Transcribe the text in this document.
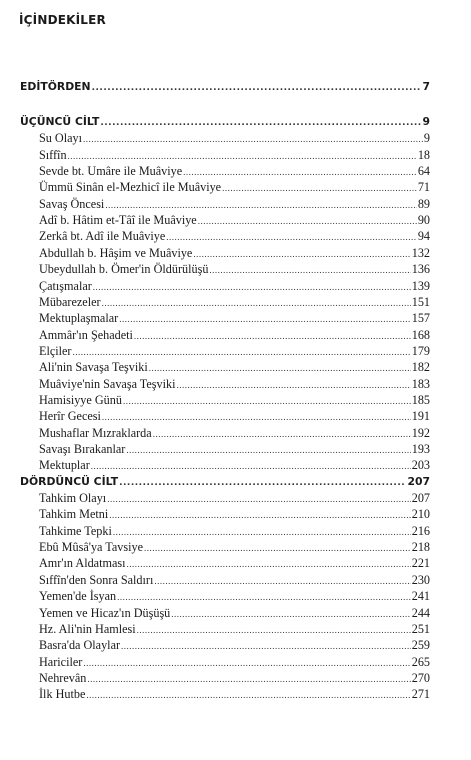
İÇİNDEKİLER
EDİTÖRDEN .....	7
ÜÇÜNCÜ CİLT .....	9
Su Olayı .....	9
Sıffîn .....	18
Sevde bt. Umâre ile Muâviye .....	64
Ümmü Sinân el-Mezhicî ile Muâviye .....	71
Savaş Öncesi .....	89
Adî b. Hâtim et-Tâî ile Muâviye .....	90
Zerkâ bt. Adî ile Muâviye .....	94
Abdullah b. Hâşim ve Muâviye .....	132
Ubeydullah b. Ömer'in Öldürülüşü .....	136
Çatışmalar .....	139
Mübarezeler .....	151
Mektuplaşmalar .....	157
Ammâr'ın Şehadeti .....	168
Elçiler .....	179
Ali'nin Savaşa Teşviki .....	182
Muâviye'nin Savaşa Teşviki .....	183
Hamisiyye Günü .....	185
Herîr Gecesi .....	191
Mushaflar Mızraklarda .....	192
Savaşı Bırakanlar .....	193
Mektuplar .....	203
DÖRDÜNCÜ CİLT .....	207
Tahkim Olayı .....	207
Tahkim Metni .....	210
Tahkime Tepki .....	216
Ebû Mûsâ'ya Tavsiye .....	218
Amr'ın Aldatması .....	221
Sıffîn'den Sonra Saldırı .....	230
Yemen'de İsyan .....	241
Yemen ve Hicaz'ın Düşüşü .....	244
Hz. Ali'nin Hamlesi .....	251
Basra'da Olaylar .....	259
Hariciler .....	265
Nehrevân .....	270
İlk Hutbe .....	271
